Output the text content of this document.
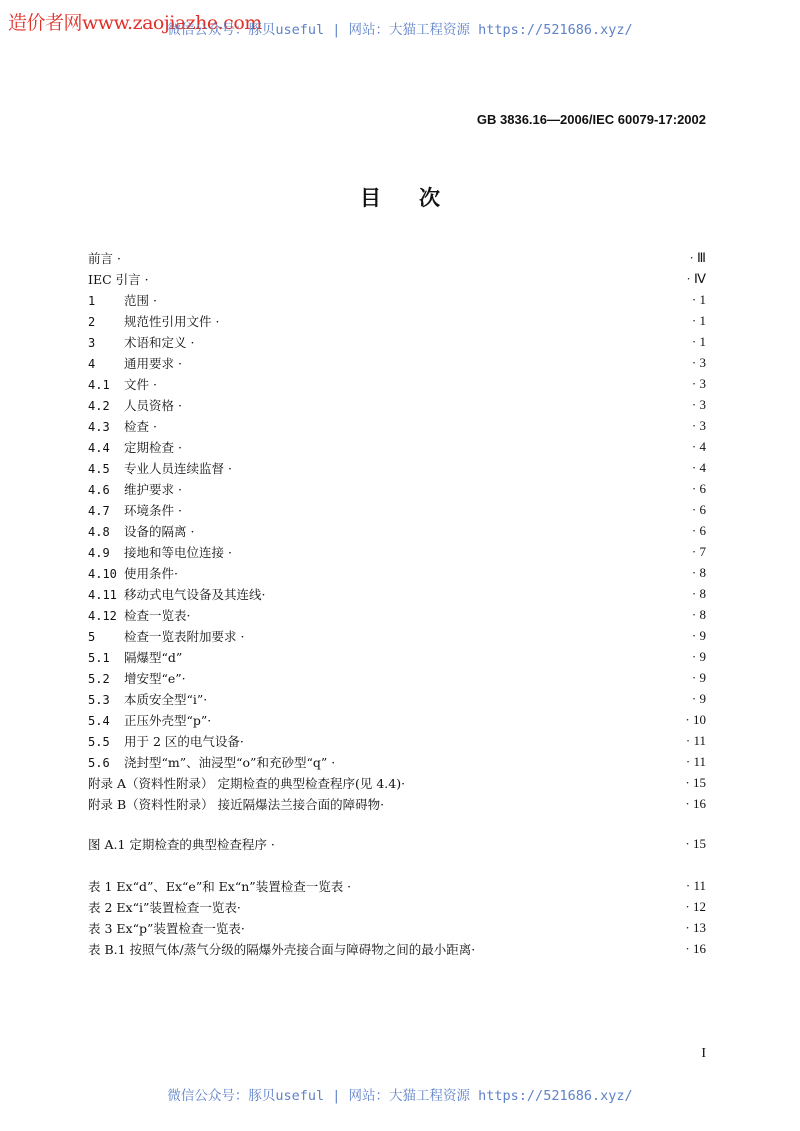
造价者网www.zaojiazhe.com
微信公众号：豚贝useful | 网站：大猫工程资源 https://521686.xyz/
GB 3836.16—2006/IEC 60079-17:2002
目次
前言 ·	· Ⅲ
IEC 引言 ·	· Ⅳ
1 范围 ·	· 1
2 规范性引用文件 ·	· 1
3 术语和定义 ·	· 1
4 通用要求 ·	· 3
4.1 文件 ·	· 3
4.2 人员资格 ·	· 3
4.3 检查 ·	· 3
4.4 定期检查 ·	· 4
4.5 专业人员连续监督 ·	· 4
4.6 维护要求 ·	· 6
4.7 环境条件 ·	· 6
4.8 设备的隔离 ·	· 6
4.9 接地和等电位连接 ·	· 7
4.10 使用条件·	· 8
4.11 移动式电气设备及其连线·	· 8
4.12 检查一览表·	· 8
5 检查一览表附加要求 ·	· 9
5.1 隔爆型“d”	· 9
5.2 增安型“e”·	· 9
5.3 本质安全型“i”·	· 9
5.4 正压外壳型“p”·	· 10
5.5 用于 2 区的电气设备·	· 11
5.6 浇封型“m”、油浸型“o”和充砂型“q” ·	· 11
附录 A（资料性附录） 定期检查的典型检查程序(见 4.4)·	· 15
附录 B（资料性附录） 接近隔爆法兰接合面的障碍物·	· 16
图 A.1 定期检查的典型检查程序 ·	· 15
表 1 Ex“d”、Ex“e”和 Ex“n”装置检查一览表 ·	· 11
表 2 Ex“i”装置检查一览表·	· 12
表 3 Ex“p”装置检查一览表·	· 13
表 B.1 按照气体/蒸气分级的隔爆外壳接合面与障碍物之间的最小距离·	· 16
I
微信公众号：豚贝useful | 网站：大猫工程资源 https://521686.xyz/
